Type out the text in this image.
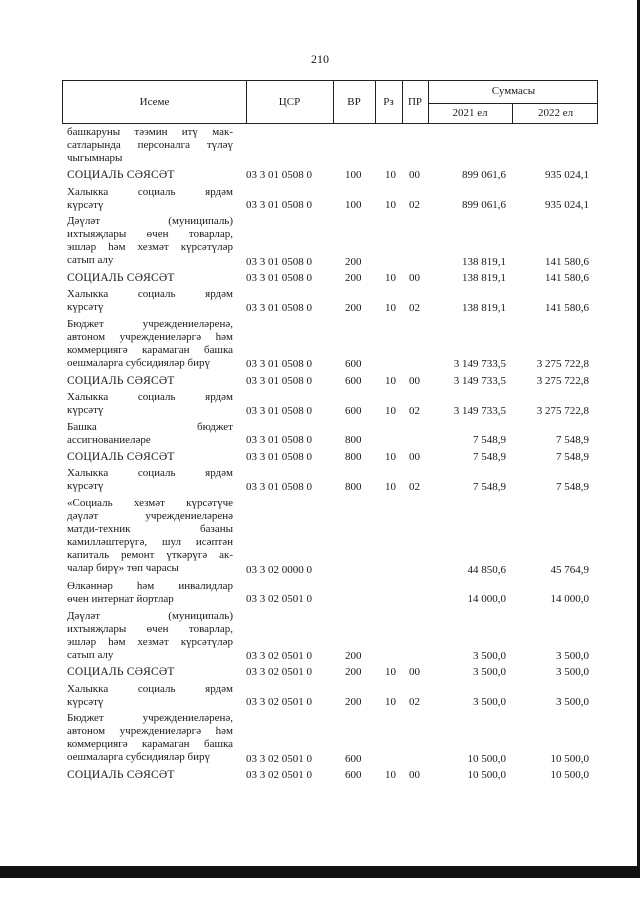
210
Исеме	ЦСР	ВР	Рз	ПР
Суммасы
2021 ел	2022 ел
башкаруны тәэмин итү мак-
сатларында персоналга түләү
чыгымнары
СОЦИАЛЬ СӘЯСӘТ	03 3 01 0508 0	100 10 00	899 061,6	935 024,1
Халыкка социаль ярдәм
күрсәтү	03 3 01 0508 0	100 10 02	899 061,6	935 024,1
Дәүләт (муниципаль)
ихтыяҗлары өчен товарлар,
эшләр һәм хезмәт күрсәтүләр
сатып алу	03 3 01 0508 0	200	138 819,1	141 580,6
СОЦИАЛЬ СӘЯСӘТ	03 3 01 0508 0	200 10 00	138 819,1	141 580,6
Халыкка социаль ярдәм
күрсәтү	03 3 01 0508 0	200 10 02	138 819,1	141 580,6
Бюджет учреждениеләренә,
автоном учреждениеләргә һәм
коммерциягә карамаган башка
оешмаларга субсидияләр бирү	03 3 01 0508 0	600	3 149 733,5	3 275 722,8
СОЦИАЛЬ СӘЯСӘТ	03 3 01 0508 0	600 10 00	3 149 733,5	3 275 722,8
Халыкка социаль ярдәм
күрсәтү	03 3 01 0508 0	600 10 02	3 149 733,5	3 275 722,8
Башка бюджет
ассигнованиеләре	03 3 01 0508 0	800	7 548,9	7 548,9
СОЦИАЛЬ СӘЯСӘТ	03 3 01 0508 0	800 10 00	7 548,9	7 548,9
Халыкка социаль ярдәм
күрсәтү	03 3 01 0508 0	800 10 02	7 548,9	7 548,9
«Социаль хезмәт күрсәтүче
дәүләт учреждениеләренә
матди-техник базаны
камилләштерүгә, шул исәптән
капиталь ремонт үткәрүгә ак-
чалар бирү» төп чарасы	03 3 02 0000 0	44 850,6	45 764,9
Өлкәннәр һәм инвалидлар
өчен интернат йортлар	03 3 02 0501 0	14 000,0	14 000,0
Дәүләт (муниципаль)
ихтыяҗлары өчен товарлар,
эшләр һәм хезмәт күрсәтүләр
сатып алу	03 3 02 0501 0	200	3 500,0	3 500,0
СОЦИАЛЬ СӘЯСӘТ	03 3 02 0501 0	200 10 00	3 500,0	3 500,0
Халыкка социаль ярдәм
күрсәтү	03 3 02 0501 0	200 10 02	3 500,0	3 500,0
Бюджет учреждениеләренә,
автоном учреждениеләргә һәм
коммерциягә карамаган башка
оешмаларга субсидияләр бирү	03 3 02 0501 0	600	10 500,0	10 500,0
СОЦИАЛЬ СӘЯСӘТ	03 3 02 0501 0	600 10 00	10 500,0	10 500,0
